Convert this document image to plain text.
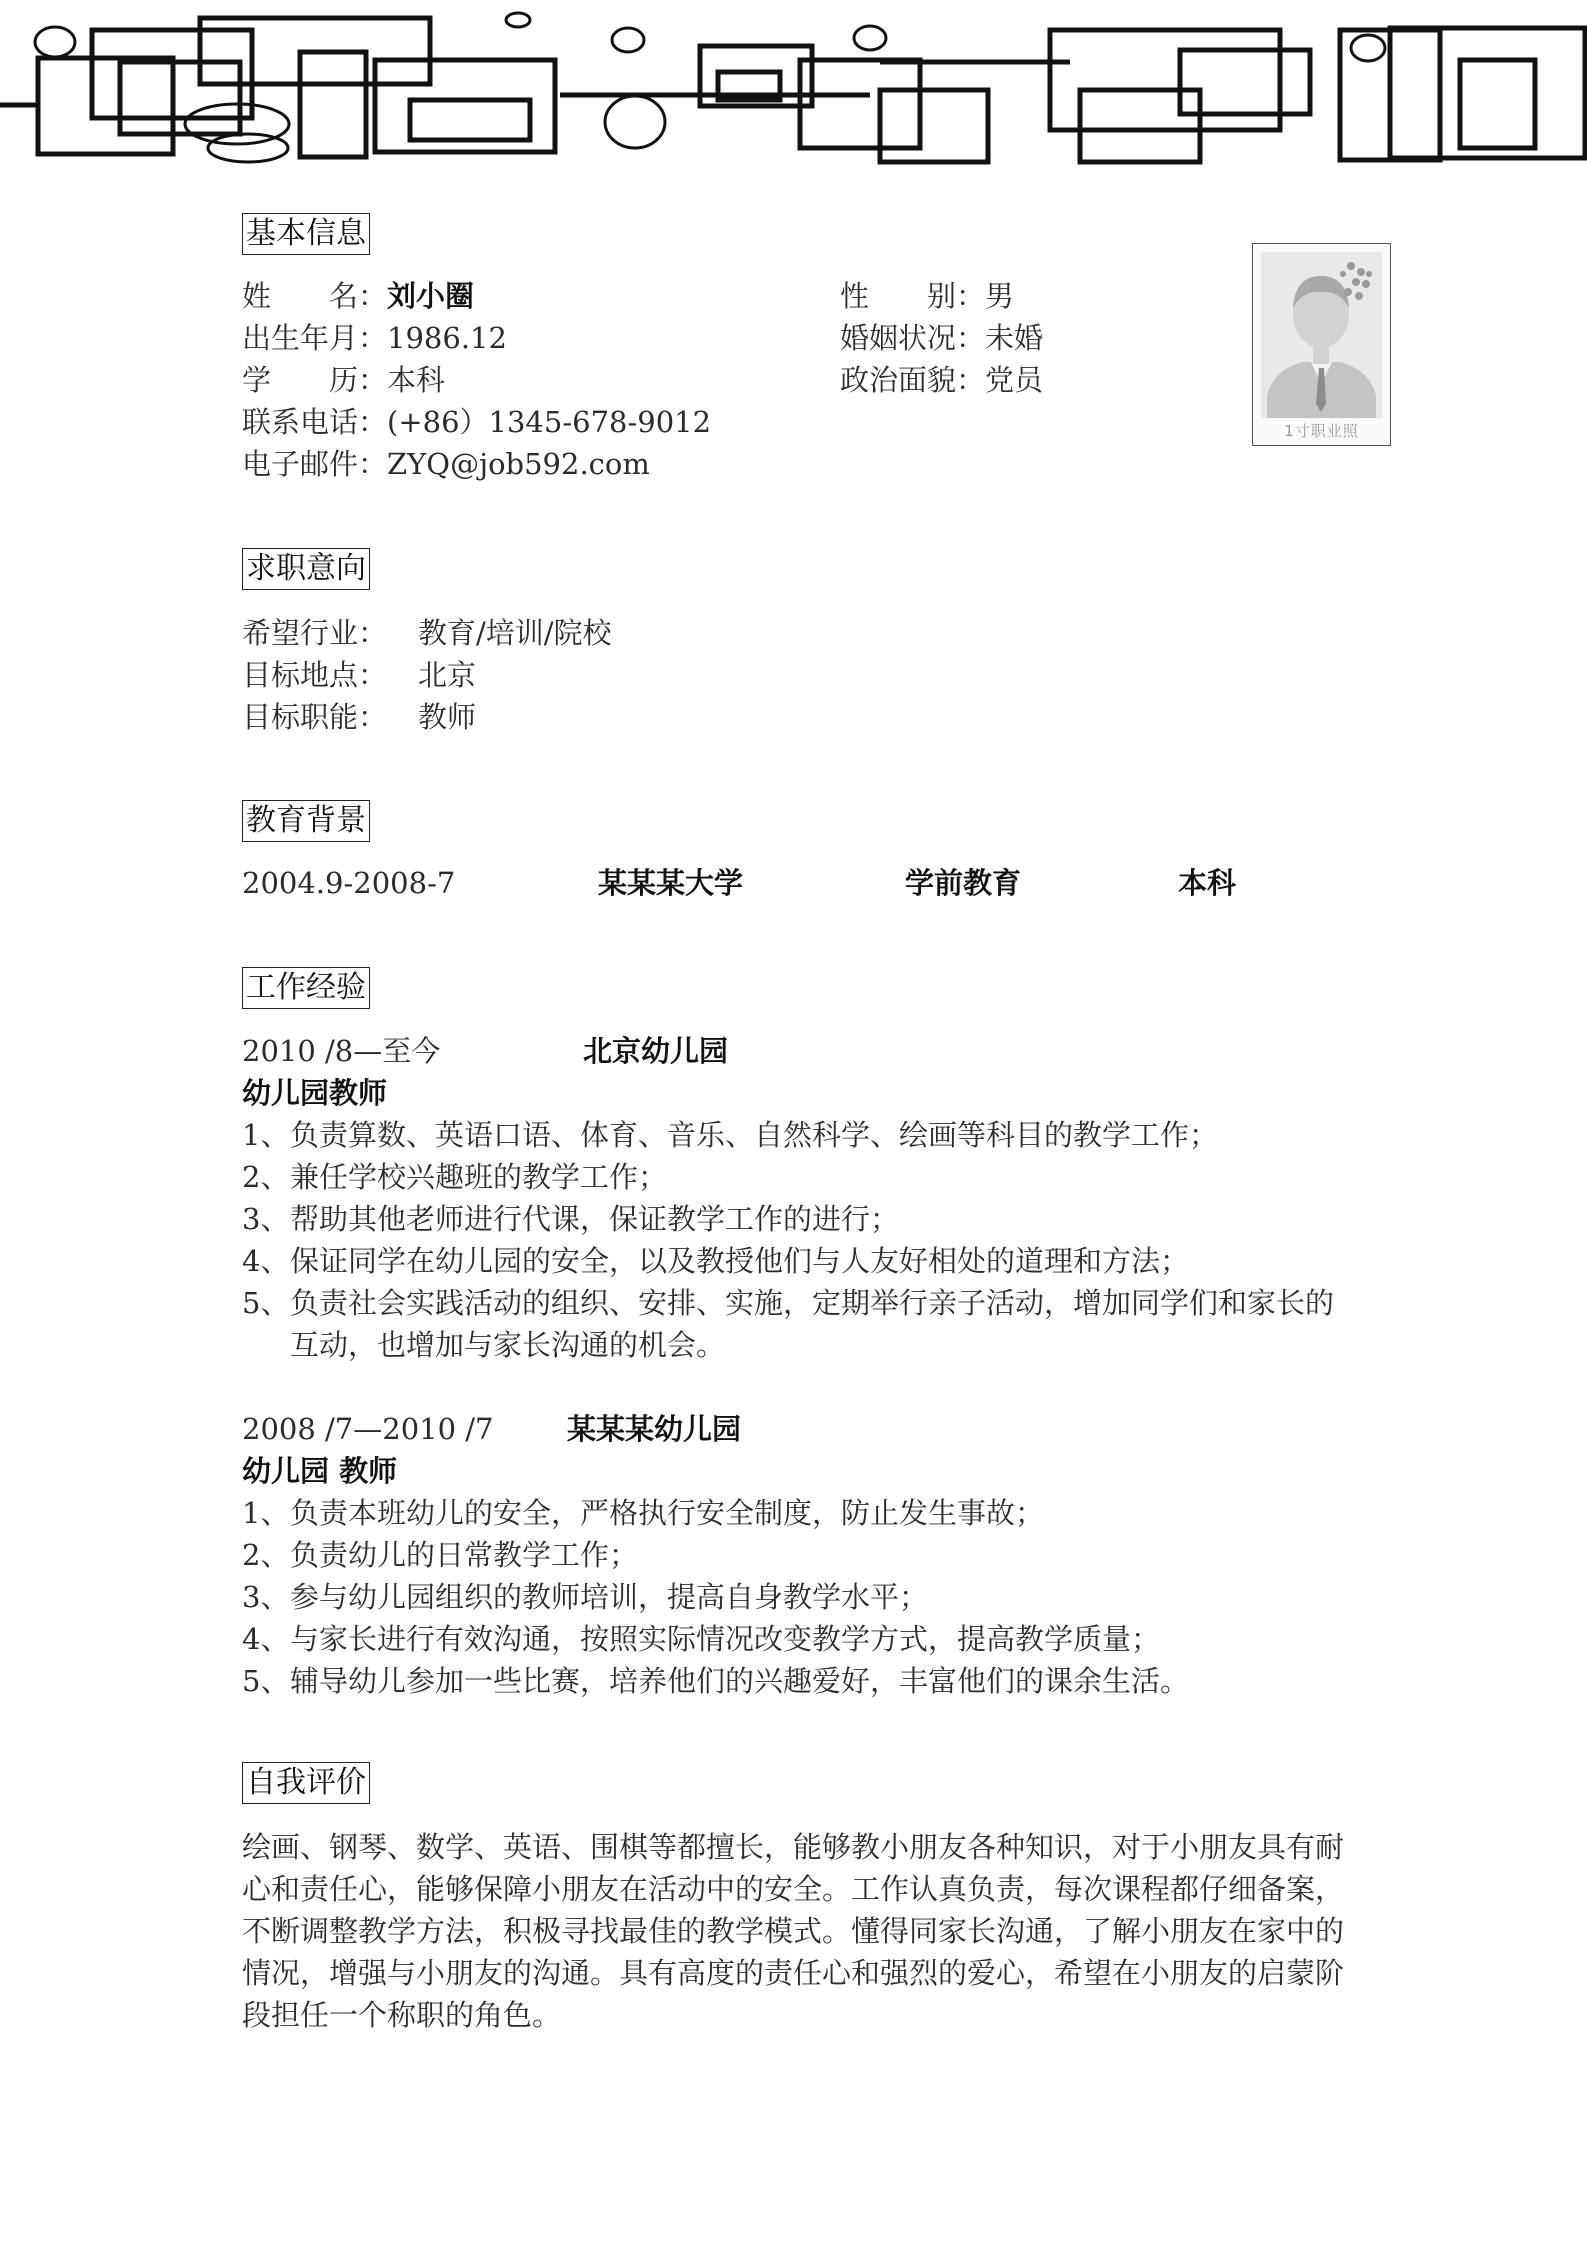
基本信息
姓　　名：刘小圈	性　　别：男
出生年月：1986.12	婚姻状况：未婚
学　　历：本科	政治面貌：党员
联系电话：(+86）1345-678-9012
电子邮件：ZYQ@job592.com
1寸职业照
求职意向
希望行业： 教育/培训/院校
目标地点： 北京
目标职能： 教师
教育背景
2004.9-2008-7	某某某大学	学前教育	本科
工作经验
2010 /8—至今	北京幼儿园
幼儿园教师
1、 负责算数、英语口语、体育、音乐、自然科学、绘画等科目的教学工作；
2、 兼任学校兴趣班的教学工作；
3、 帮助其他老师进行代课，保证教学工作的进行；
4、 保证同学在幼儿园的安全，以及教授他们与人友好相处的道理和方法；
5、 负责社会实践活动的组织、安排、实施，定期举行亲子活动，增加同学们和家长的互动，也增加与家长沟通的机会。
2008 /7—2010 /7	某某某幼儿园
幼儿园 教师
1、 负责本班幼儿的安全，严格执行安全制度，防止发生事故；
2、 负责幼儿的日常教学工作；
3、 参与幼儿园组织的教师培训，提高自身教学水平；
4、 与家长进行有效沟通，按照实际情况改变教学方式，提高教学质量；
5、 辅导幼儿参加一些比赛，培养他们的兴趣爱好，丰富他们的课余生活。
自我评价
绘画、钢琴、数学、英语、围棋等都擅长，能够教小朋友各种知识，对于小朋友具有耐心和责任心，能够保障小朋友在活动中的安全。工作认真负责，每次课程都仔细备案，不断调整教学方法，积极寻找最佳的教学模式。懂得同家长沟通，了解小朋友在家中的情况，增强与小朋友的沟通。具有高度的责任心和强烈的爱心，希望在小朋友的启蒙阶段担任一个称职的角色。
